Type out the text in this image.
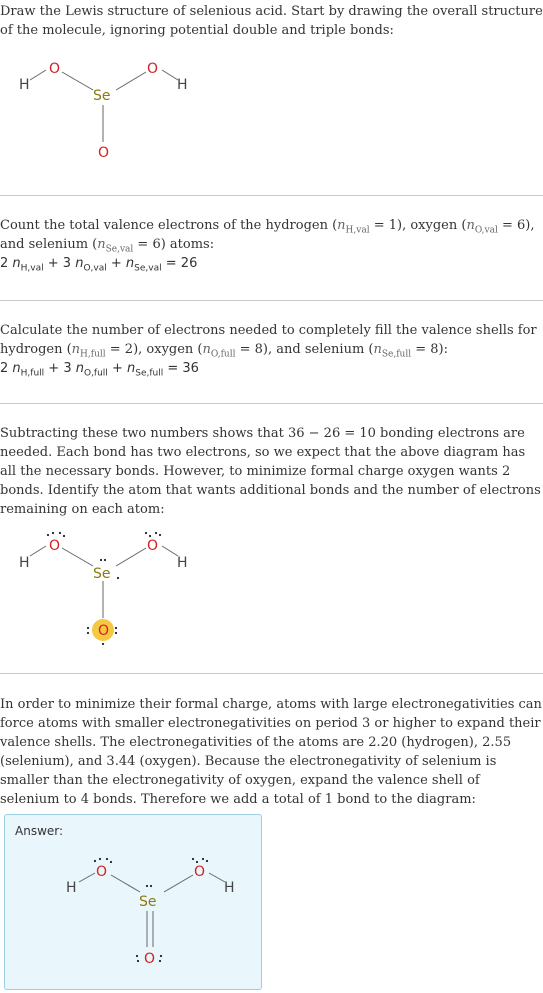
Draw the Lewis structure of selenious acid. Start by drawing the overall structure of the molecule, ignoring potential double and triple bonds:

H
O
Se
O
H
O

Count the total valence electrons of the hydrogen $(n_{H,val} = 1)$, oxygen $(n_{O,val} = 6)$, and selenium $(n_{Se,val} = 6)$ atoms:

2 $n_{H,val} + 3$ $n_{O,val} + n_{Se,val} = 26$

Calculate the number of electrons needed to completely fill the valence shells for hydrogen $(n_{H,full} = 2)$, oxygen $(n_{O,full} = 8)$, and selenium $(n_{Se,full} = 8)$:

2 $n_{H,full} + 3$ $n_{O,full} + n_{Se,full} = 36$

Subtracting these two numbers shows that 36 − 26 = 10 bonding electrons are needed. Each bond has two electrons, so we expect that the above diagram has all the necessary bonds. However, to minimize formal charge oxygen wants 2 bonds. Identify the atom that wants additional bonds and the number of electrons remaining on each atom:

H
O
Se
O
H
O

In order to minimize their formal charge, atoms with large electronegativities can force atoms with smaller electronegativities on period 3 or higher to expand their valence shells. The electronegativities of the atoms are 2.20 (hydrogen), 2.55 (selenium), and 3.44 (oxygen). Because the electronegativity of selenium is smaller than the electronegativity of oxygen, expand the valence shell of selenium to 4 bonds. Therefore we add a total of 1 bond to the diagram:

Answer:
H
O
Se
O
H
O
